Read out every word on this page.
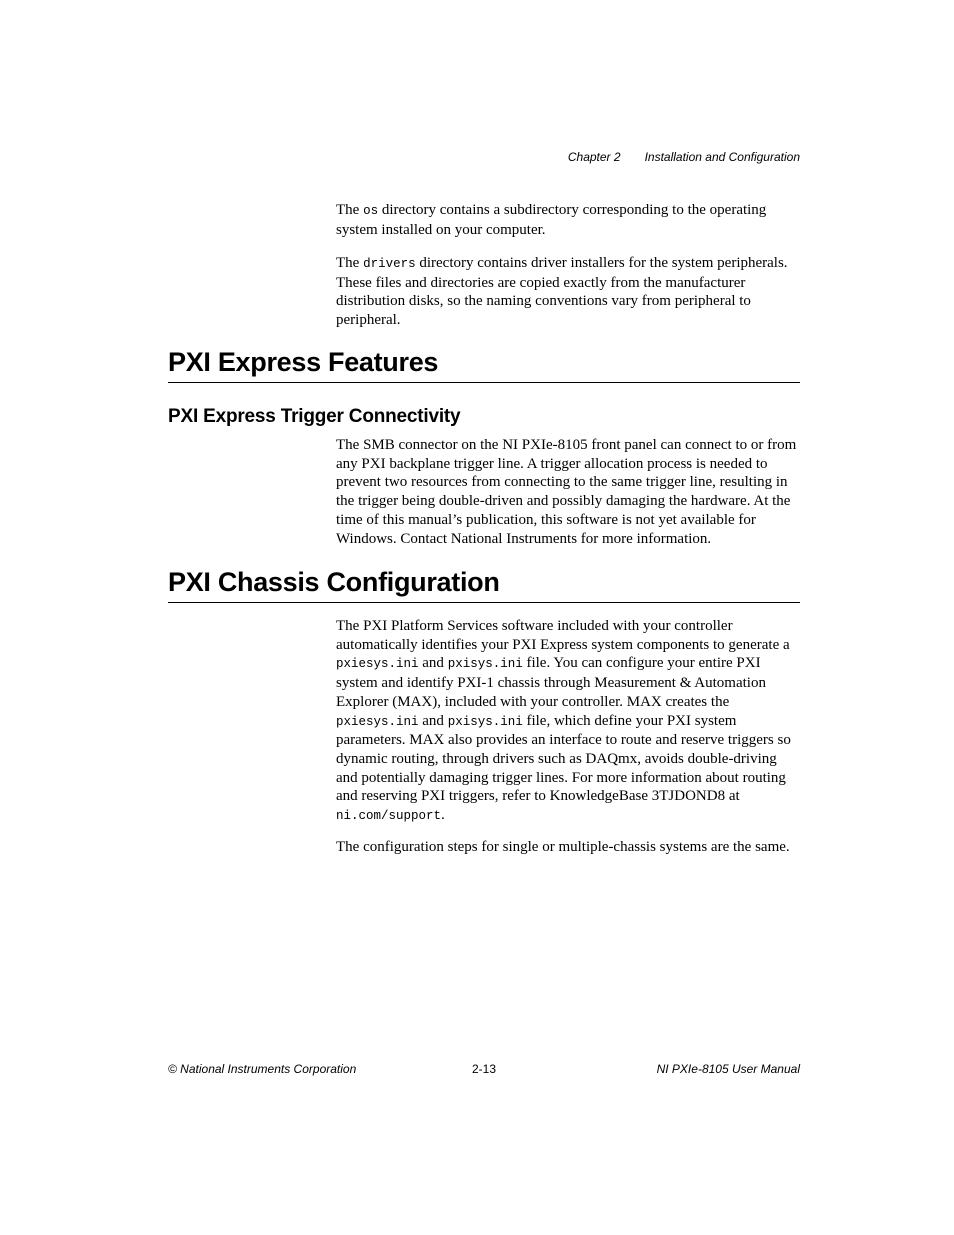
Chapter 2 Installation and Configuration

The os directory contains a subdirectory corresponding to the operating system installed on your computer.

The drivers directory contains driver installers for the system peripherals. These files and directories are copied exactly from the manufacturer distribution disks, so the naming conventions vary from peripheral to peripheral.

PXI Express Features
PXI Express Trigger Connectivity

The SMB connector on the NI PXIe-8105 front panel can connect to or from any PXI backplane trigger line. A trigger allocation process is needed to prevent two resources from connecting to the same trigger line, resulting in the trigger being double-driven and possibly damaging the hardware. At the time of this manual’s publication, this software is not yet available for Windows. Contact National Instruments for more information.

PXI Chassis Configuration

The PXI Platform Services software included with your controller automatically identifies your PXI Express system components to generate a pxiesys.ini and pxisys.ini file. You can configure your entire PXI system and identify PXI-1 chassis through Measurement & Automation Explorer (MAX), included with your controller. MAX creates the pxiesys.ini and pxisys.ini file, which define your PXI system parameters. MAX also provides an interface to route and reserve triggers so dynamic routing, through drivers such as DAQmx, avoids double-driving and potentially damaging trigger lines. For more information about routing and reserving PXI triggers, refer to KnowledgeBase 3TJDOND8 at ni.com/support.

The configuration steps for single or multiple-chassis systems are the same.

© National Instruments Corporation	2-13	NI PXIe-8105 User Manual
